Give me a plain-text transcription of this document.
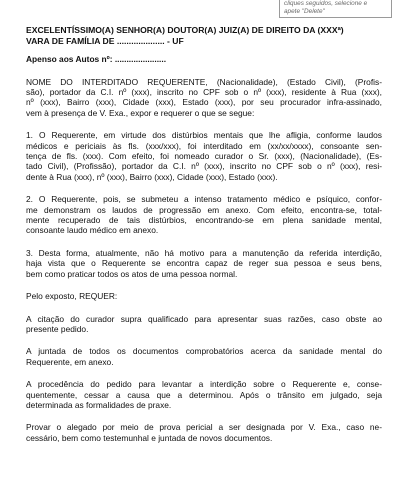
cliques seguidos, selecione e
apete "Delete"
EXCELENTÍSSIMO(A) SENHOR(A) DOUTOR(A) JUIZ(A) DE DIREITO DA (XXXª)
VARA DE FAMÍLIA DE .................... - UF

Apenso aos Autos nº: ......................

NOME DO INTERDITADO REQUERENTE, (Nacionalidade), (Estado Civil), (Profis-
são), portador da C.I. nº (xxx), inscrito no CPF sob o nº (xxx), residente à Rua (xxx),
nº (xxx), Bairro (xxx), Cidade (xxx), Estado (xxx), por seu procurador infra-assinado,
vem à presença de V. Exa., expor e requerer o que se segue:

1. O Requerente, em virtude dos distúrbios mentais que lhe afligia, conforme laudos
médicos e periciais às fls. (xxx/xxx), foi interditado em (xx/xx/xxxx), consoante sen-
tença de fls. (xxx). Com efeito, foi nomeado curador o Sr. (xxx), (Nacionalidade), (Es-
tado Civil), (Profissão), portador da C.I. nº (xxx), inscrito no CPF sob o nº (xxx), resi-
dente à Rua (xxx), nº (xxx), Bairro (xxx), Cidade (xxx), Estado (xxx).

2. O Requerente, pois, se submeteu a intenso tratamento médico e psíquico, confor-
me demonstram os laudos de progressão em anexo. Com efeito, encontra-se, total-
mente recuperado de tais distúrbios, encontrando-se em plena sanidade mental,
consoante laudo médico em anexo.

3. Desta forma, atualmente, não há motivo para a manutenção da referida interdição,
haja vista que o Requerente se encontra capaz de reger sua pessoa e seus bens,
bem como praticar todos os atos de uma pessoa normal.

Pelo exposto, REQUER:

A citação do curador supra qualificado para apresentar suas razões, caso obste ao
presente pedido.

A juntada de todos os documentos comprobatórios acerca da sanidade mental do
Requerente, em anexo.

A procedência do pedido para levantar a interdição sobre o Requerente e, conse-
quentemente, cessar a causa que a determinou. Após o trânsito em julgado, seja
determinada as formalidades de praxe.

Provar o alegado por meio de prova pericial a ser designada por V. Exa., caso ne-
cessário, bem como testemunhal e juntada de novos documentos.
